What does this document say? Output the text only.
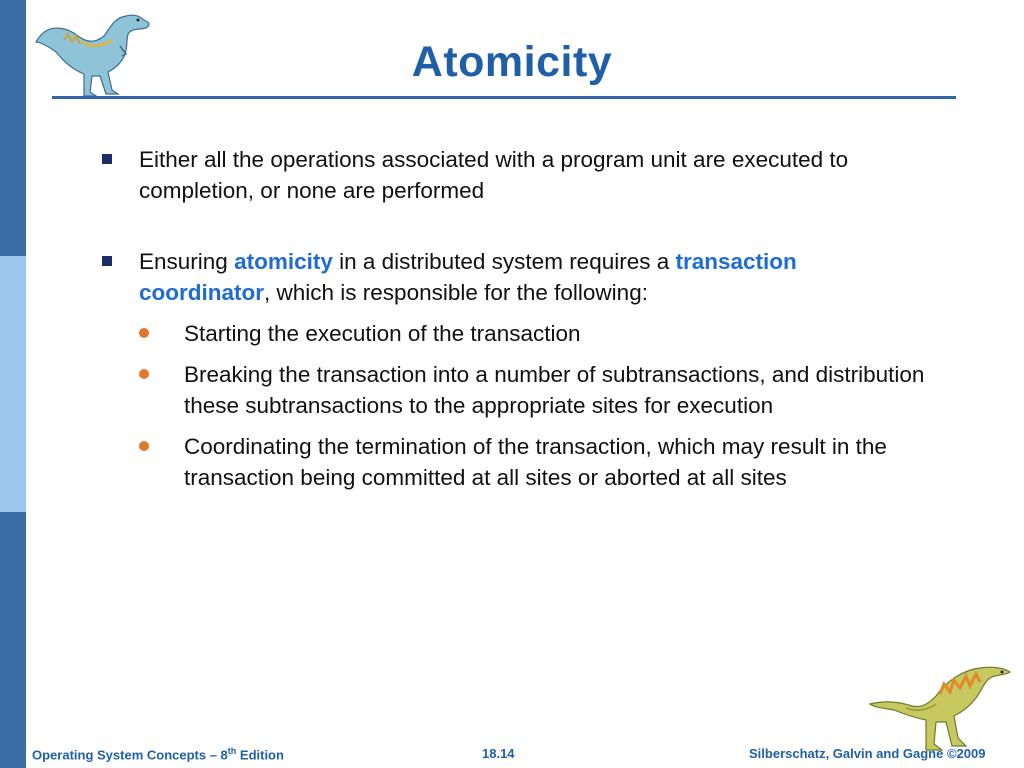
Atomicity
Either all the operations associated with a program unit are executed to completion, or none are performed
Ensuring atomicity in a distributed system requires a transaction coordinator, which is responsible for the following:
Starting the execution of the transaction
Breaking the transaction into a number of subtransactions, and distribution these subtransactions to the appropriate sites for execution
Coordinating the termination of the transaction, which may result in the transaction being committed at all sites or aborted at all sites
Operating System Concepts – 8th Edition	18.14	Silberschatz, Galvin and Gagne ©2009
